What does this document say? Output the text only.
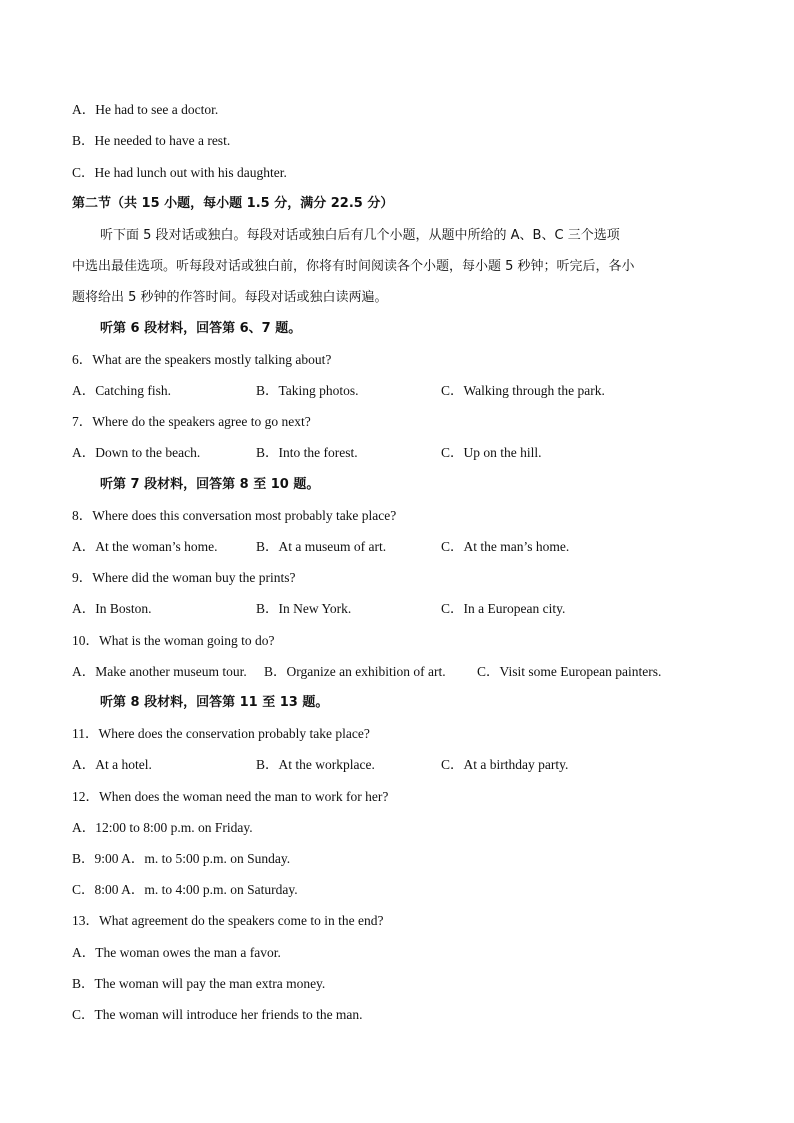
A．He had to see a doctor.
B．He needed to have a rest.
C．He had lunch out with his daughter.
第二节（共 15 小题，每小题 1.5 分，满分 22.5 分）
听下面 5 段对话或独白。每段对话或独白后有几个小题，从题中所给的 A、B、C 三个选项
中选出最佳选项。听每段对话或独白前，你将有时间阅读各个小题，每小题 5 秒钟；听完后，各小
题将给出 5 秒钟的作答时间。每段对话或独白读两遍。
听第 6 段材料，回答第 6、7 题。
6．What are the speakers mostly talking about?
A．Catching fish.	B．Taking photos.	C．Walking through the park.
7．Where do the speakers agree to go next?
A．Down to the beach.	B．Into the forest.	C．Up on the hill.
听第 7 段材料，回答第 8 至 10 题。
8．Where does this conversation most probably take place?
A．At the woman’s home.	B．At a museum of art.	C．At the man’s home.
9．Where did the woman buy the prints?
A．In Boston.	B．In New York.	C．In a European city.
10．What is the woman going to do?
A．Make another museum tour. B．Organize an exhibition of art. C．Visit some European painters.
听第 8 段材料，回答第 11 至 13 题。
11．Where does the conservation probably take place?
A．At a hotel.	B．At the workplace.	C．At a birthday party.
12．When does the woman need the man to work for her?
A．12:00 to 8:00 p.m. on Friday.
B．9:00 A．m. to 5:00 p.m. on Sunday.
C．8:00 A．m. to 4:00 p.m. on Saturday.
13．What agreement do the speakers come to in the end?
A．The woman owes the man a favor.
B．The woman will pay the man extra money.
C．The woman will introduce her friends to the man.
